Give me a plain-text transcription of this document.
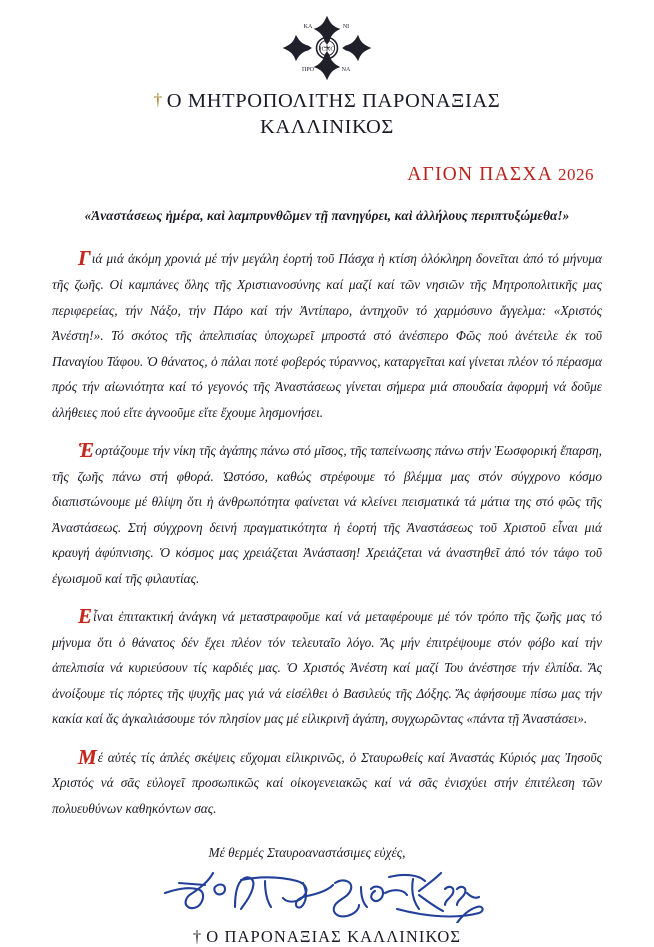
ΙϹΧϹ
ΚΑ	ΝΙ
ΠΡΟ	ΝΑ
† Ο ΜΗΤΡΟΠΟΛΙΤΗΣ ΠΑΡΟΝΑΞΙΑΣ
ΚΑΛΛΙΝΙΚΟΣ
ΑΓΙΟΝ ΠΑΣΧΑ 2026
«Ἀναστάσεως ἡμέρα, καὶ λαμπρυνθῶμεν τῇ πανηγύρει, καὶ ἀλλήλους περιπτυξώμεθα!»

Γιά μιά ἀκόμη χρονιά μέ τήν μεγάλη ἑορτή τοῦ Πάσχα ἡ κτίση ὁλόκληρη δονεῖται ἀπό τό μήνυμα τῆς ζωῆς. Οἱ καμπάνες ὅλης τῆς Χριστιανοσύνης καί μαζί καί τῶν νησιῶν τῆς Μητροπολιτικῆς μας περιφερείας, τήν Νάξο, τήν Πάρο καί τήν Ἀντίπαρο, ἀντηχοῦν τό χαρμόσυνο ἄγγελμα: «Χριστός Ἀνέστη!». Τό σκότος τῆς ἀπελπισίας ὑποχωρεῖ μπροστά στό ἀνέσπερο Φῶς πού ἀνέτειλε ἐκ τοῦ Παναγίου Τάφου. Ὁ θάνατος, ὁ πάλαι ποτέ φοβερός τύραννος, καταργεῖται καί γίνεται πλέον τό πέρασμα πρός τήν αἰωνιότητα καί τό γεγονός τῆς Ἀναστάσεως γίνεται σήμερα μιά σπουδαία ἀφορμή νά δοῦμε ἀλήθειες πού εἴτε ἀγνοοῦμε εἴτε ἔχουμε λησμονήσει.

Ἑορτάζουμε τήν νίκη τῆς ἀγάπης πάνω στό μῖσος, τῆς ταπείνωσης πάνω στήν Ἑωσφορική ἔπαρση, τῆς ζωῆς πάνω στή φθορά. Ὡστόσο, καθώς στρέφουμε τό βλέμμα μας στόν σύγχρονο κόσμο διαπιστώνουμε μέ θλίψη ὅτι ἡ ἀνθρωπότητα φαίνεται νά κλείνει πεισματικά τά μάτια της στό φῶς τῆς Ἀναστάσεως. Στή σύγχρονη δεινή πραγματικότητα ἡ ἑορτή τῆς Ἀναστάσεως τοῦ Χριστοῦ εἶναι μιά κραυγή ἀφύπνισης. Ὁ κόσμος μας χρειάζεται Ἀνάσταση! Χρειάζεται νά ἀναστηθεῖ ἀπό τόν τάφο τοῦ ἐγωισμοῦ καί τῆς φιλαυτίας.

Εἶναι ἐπιτακτική ἀνάγκη νά μεταστραφοῦμε καί νά μεταφέρουμε μέ τόν τρόπο τῆς ζωῆς μας τό μήνυμα ὅτι ὁ θάνατος δέν ἔχει πλέον τόν τελευταῖο λόγο. Ἄς μήν ἐπιτρέψουμε στόν φόβο καί τήν ἀπελπισία νά κυριεύσουν τίς καρδιές μας. Ὁ Χριστός Ἀνέστη καί μαζί Του ἀνέστησε τήν ἐλπίδα. Ἄς ἀνοίξουμε τίς πόρτες τῆς ψυχῆς μας γιά νά εἰσέλθει ὁ Βασιλεύς τῆς Δόξης. Ἄς ἀφήσουμε πίσω μας τήν κακία καί ἄς ἀγκαλιάσουμε τόν πλησίον μας μέ εἰλικρινῆ ἀγάπη, συγχωρῶντας «πάντα τῇ Ἀναστάσει».

Μέ αὐτές τίς ἁπλές σκέψεις εὔχομαι εἰλικρινῶς, ὁ Σταυρωθείς καί Ἀναστάς Κύριός μας Ἰησοῦς Χριστός νά σᾶς εὐλογεῖ προσωπικῶς καί οἰκογενειακῶς καί νά σᾶς ἐνισχύει στήν ἐπιτέλεση τῶν πολυευθύνων καθηκόντων σας.

Μέ θερμές Σταυροαναστάσιμες εὐχές,
† Ο ΠΑΡΟΝΑΞΙΑΣ ΚΑΛΛΙΝΙΚΟΣ
